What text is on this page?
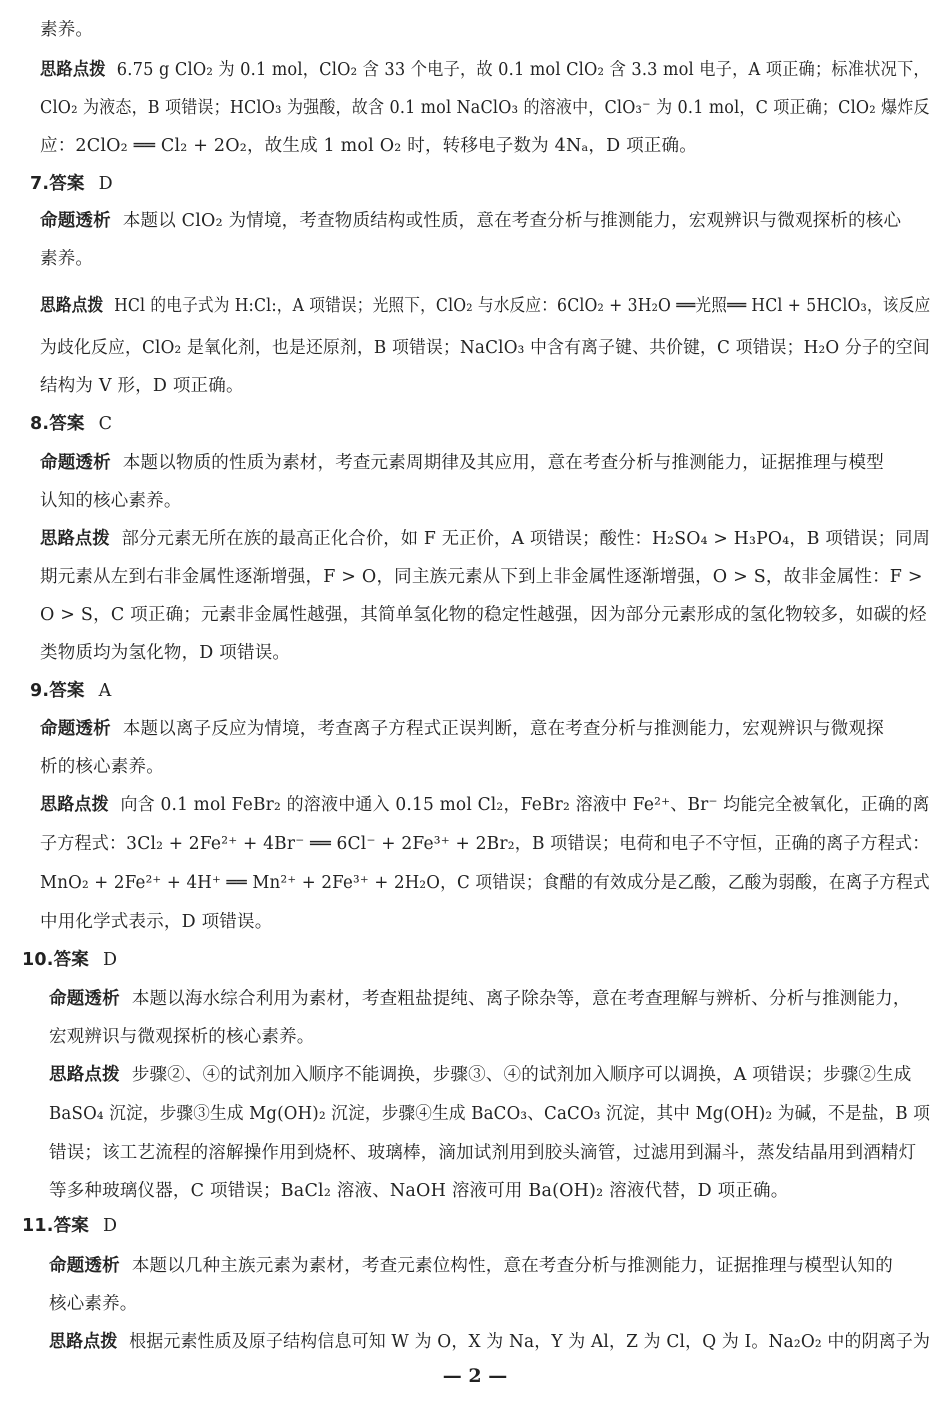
素养。
思路点拨 6.75 g ClO₂ 为 0.1 mol，ClO₂ 含 33 个电子，故 0.1 mol ClO₂ 含 3.3 mol 电子，A 项正确；标准状况下，
ClO₂ 为液态，B 项错误；HClO₃ 为强酸，故含 0.1 mol NaClO₃ 的溶液中，ClO₃⁻ 为 0.1 mol，C 项正确；ClO₂ 爆炸反
应：2ClO₂ ══ Cl₂ + 2O₂，故生成 1 mol O₂ 时，转移电子数为 4Nₐ，D 项正确。
7.答案 D
命题透析 本题以 ClO₂ 为情境，考查物质结构或性质，意在考查分析与推测能力，宏观辨识与微观探析的核心
素养。
思路点拨 HCl 的电子式为 H:Cl:，A 项错误；光照下，ClO₂ 与水反应：6ClO₂ + 3H₂O ══光照══ HCl + 5HClO₃，该反应
为歧化反应，ClO₂ 是氧化剂，也是还原剂，B 项错误；NaClO₃ 中含有离子键、共价键，C 项错误；H₂O 分子的空间
结构为 V 形，D 项正确。
8.答案 C
命题透析 本题以物质的性质为素材，考查元素周期律及其应用，意在考查分析与推测能力，证据推理与模型
认知的核心素养。
思路点拨 部分元素无所在族的最高正化合价，如 F 无正价，A 项错误；酸性：H₂SO₄ > H₃PO₄，B 项错误；同周
期元素从左到右非金属性逐渐增强，F > O，同主族元素从下到上非金属性逐渐增强，O > S，故非金属性：F >
O > S，C 项正确；元素非金属性越强，其简单氢化物的稳定性越强，因为部分元素形成的氢化物较多，如碳的烃
类物质均为氢化物，D 项错误。
9.答案 A
命题透析 本题以离子反应为情境，考查离子方程式正误判断，意在考查分析与推测能力，宏观辨识与微观探
析的核心素养。
思路点拨 向含 0.1 mol FeBr₂ 的溶液中通入 0.15 mol Cl₂，FeBr₂ 溶液中 Fe²⁺、Br⁻ 均能完全被氧化，正确的离
子方程式：3Cl₂ + 2Fe²⁺ + 4Br⁻ ══ 6Cl⁻ + 2Fe³⁺ + 2Br₂，B 项错误；电荷和电子不守恒，正确的离子方程式：
MnO₂ + 2Fe²⁺ + 4H⁺ ══ Mn²⁺ + 2Fe³⁺ + 2H₂O，C 项错误；食醋的有效成分是乙酸，乙酸为弱酸，在离子方程式
中用化学式表示，D 项错误。
10.答案 D
命题透析 本题以海水综合利用为素材，考查粗盐提纯、离子除杂等，意在考查理解与辨析、分析与推测能力，
宏观辨识与微观探析的核心素养。
思路点拨 步骤②、④的试剂加入顺序不能调换，步骤③、④的试剂加入顺序可以调换，A 项错误；步骤②生成
BaSO₄ 沉淀，步骤③生成 Mg(OH)₂ 沉淀，步骤④生成 BaCO₃、CaCO₃ 沉淀，其中 Mg(OH)₂ 为碱，不是盐，B 项
错误；该工艺流程的溶解操作用到烧杯、玻璃棒，滴加试剂用到胶头滴管，过滤用到漏斗，蒸发结晶用到酒精灯
等多种玻璃仪器，C 项错误；BaCl₂ 溶液、NaOH 溶液可用 Ba(OH)₂ 溶液代替，D 项正确。
11.答案 D
命题透析 本题以几种主族元素为素材，考查元素位构性，意在考查分析与推测能力，证据推理与模型认知的
核心素养。
思路点拨 根据元素性质及原子结构信息可知 W 为 O，X 为 Na，Y 为 Al，Z 为 Cl，Q 为 I。Na₂O₂ 中的阴离子为
— 2 —
